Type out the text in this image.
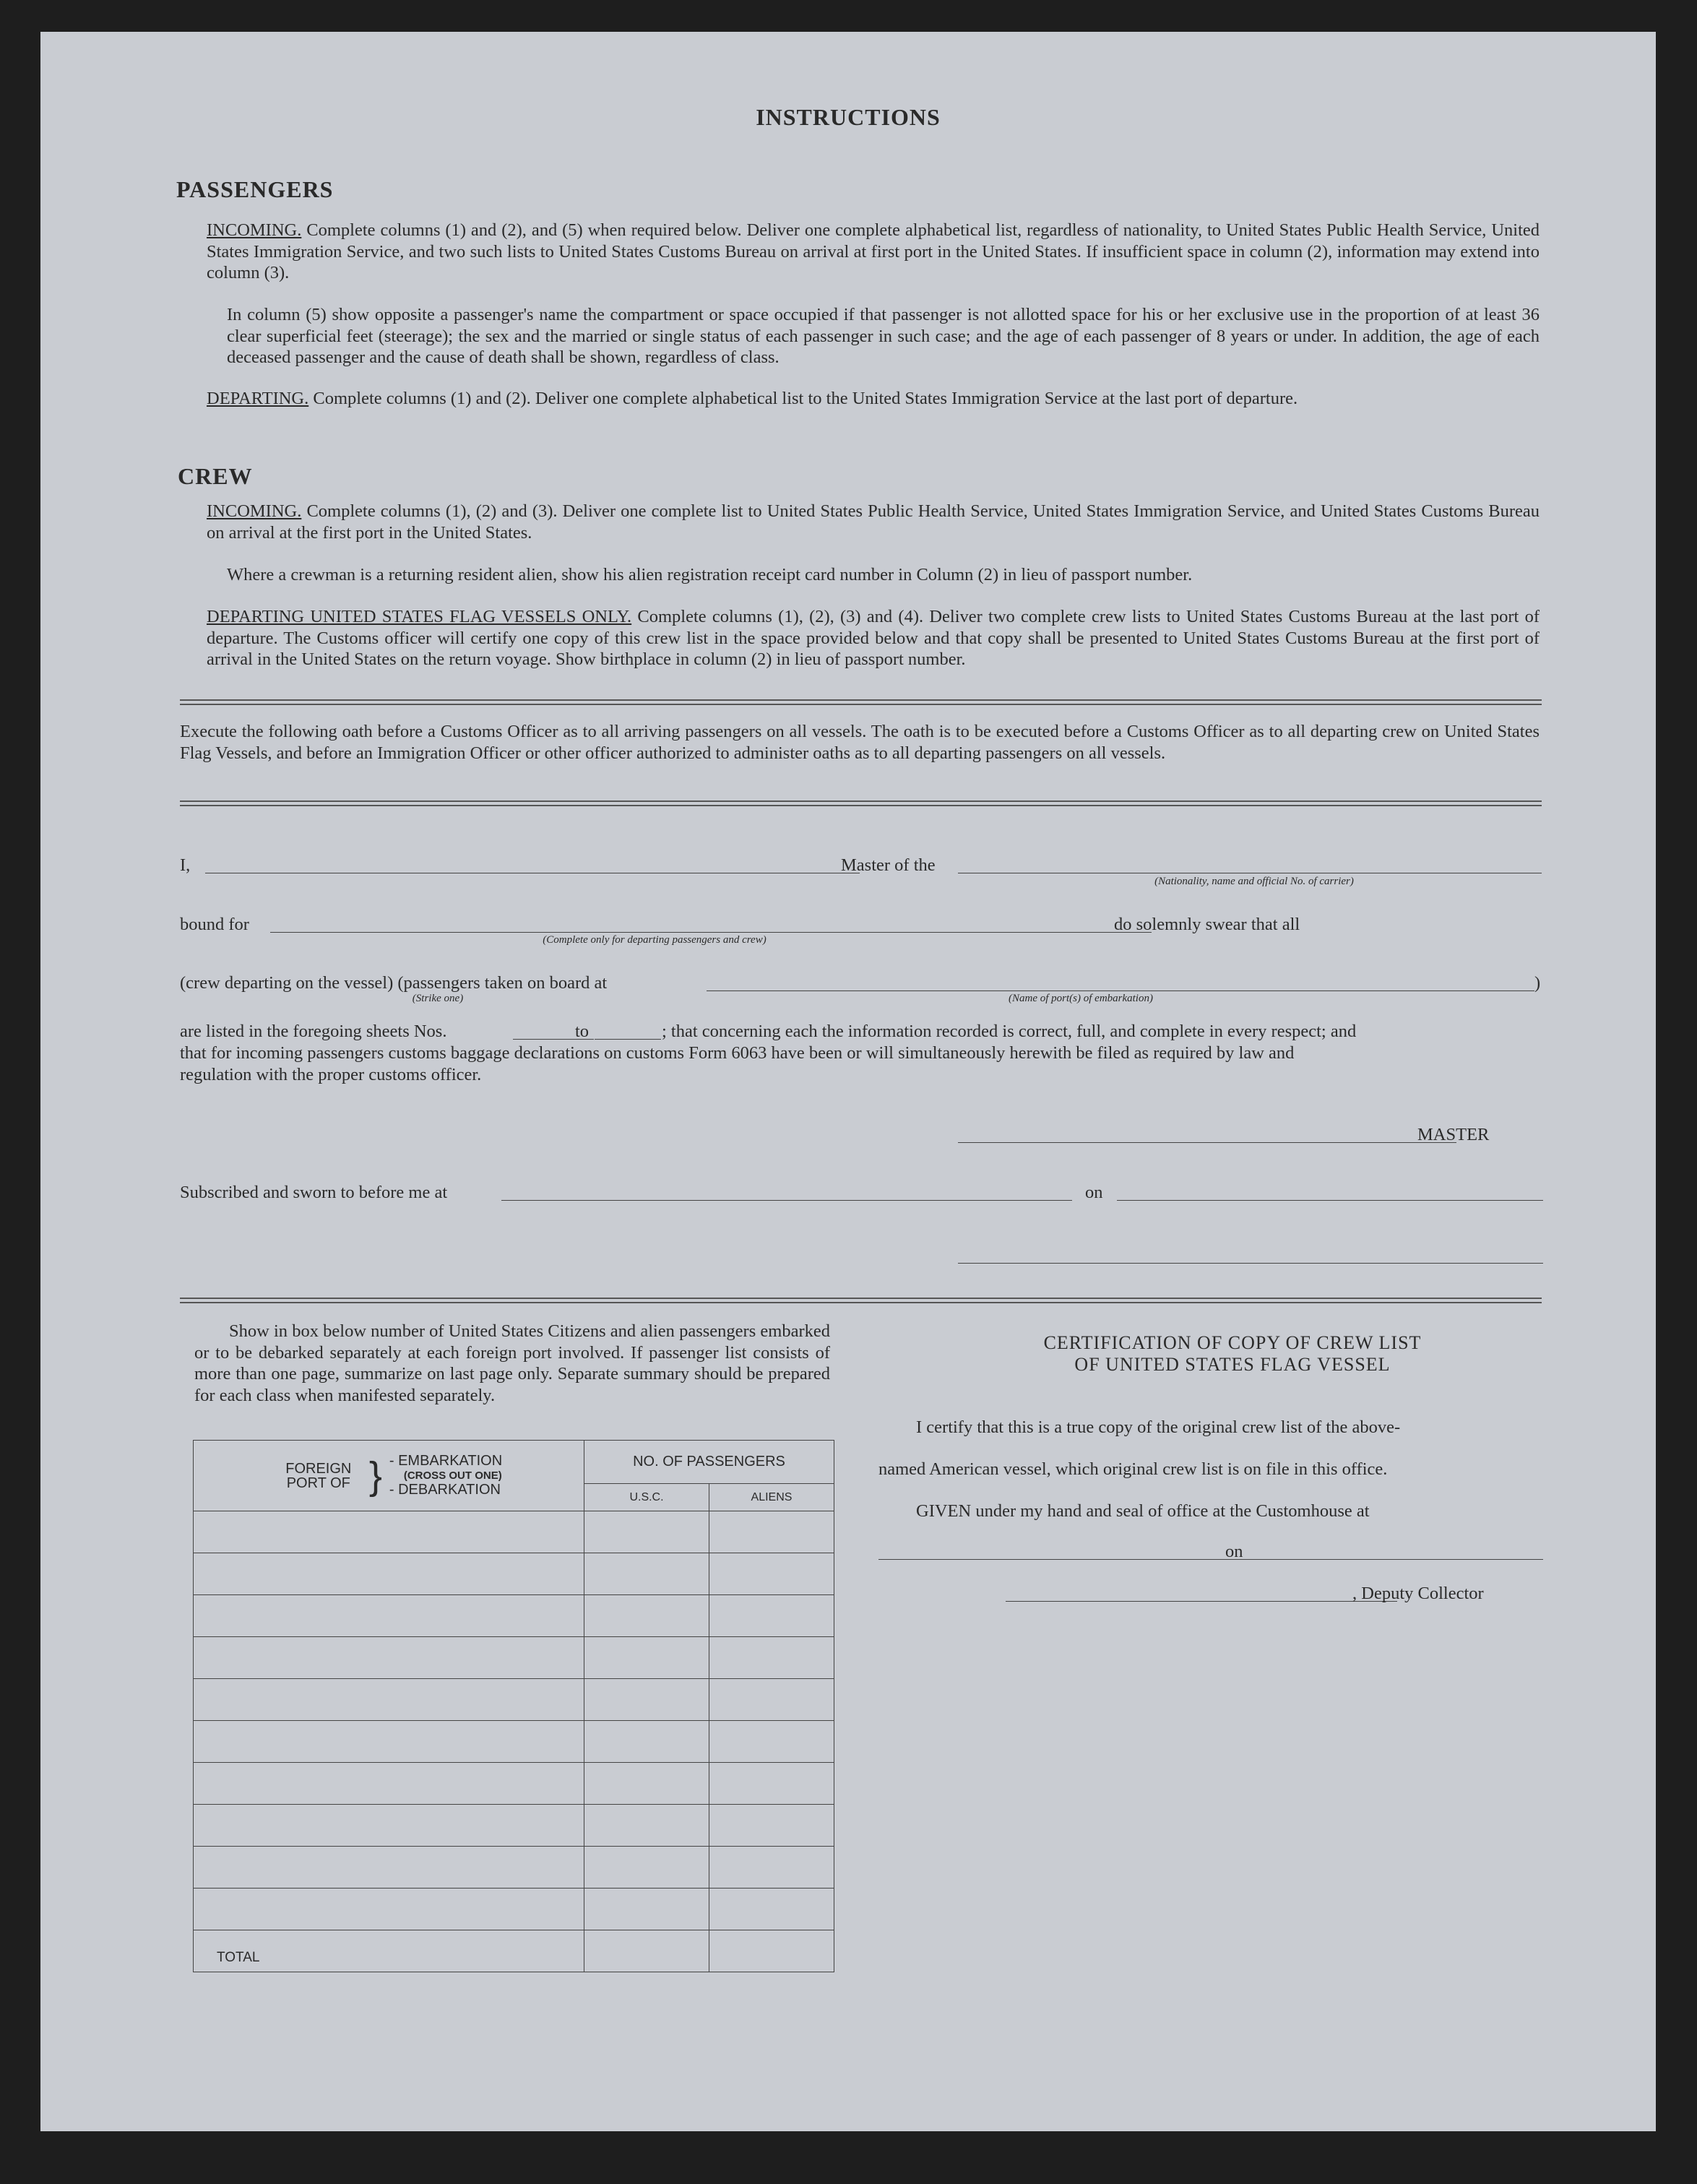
INSTRUCTIONS
PASSENGERS
INCOMING. Complete columns (1) and (2), and (5) when required below. Deliver one complete alphabetical list, regardless of nationality, to United States Public Health Service, United States Immigration Service, and two such lists to United States Customs Bureau on arrival at first port in the United States. If insufficient space in column (2), information may extend into column (3).
In column (5) show opposite a passenger's name the compartment or space occupied if that passenger is not allotted space for his or her exclusive use in the proportion of at least 36 clear superficial feet (steerage); the sex and the married or single status of each passenger in such case; and the age of each passenger of 8 years or under. In addition, the age of each deceased passenger and the cause of death shall be shown, regardless of class.
DEPARTING. Complete columns (1) and (2). Deliver one complete alphabetical list to the United States Immigration Service at the last port of departure.
CREW
INCOMING. Complete columns (1), (2) and (3). Deliver one complete list to United States Public Health Service, United States Immigration Service, and United States Customs Bureau on arrival at the first port in the United States.
Where a crewman is a returning resident alien, show his alien registration receipt card number in Column (2) in lieu of passport number.
DEPARTING UNITED STATES FLAG VESSELS ONLY. Complete columns (1), (2), (3) and (4). Deliver two complete crew lists to United States Customs Bureau at the last port of departure. The Customs officer will certify one copy of this crew list in the space provided below and that copy shall be presented to United States Customs Bureau at the first port of arrival in the United States on the return voyage. Show birthplace in column (2) in lieu of passport number.
Execute the following oath before a Customs Officer as to all arriving passengers on all vessels. The oath is to be executed before a Customs Officer as to all departing crew on United States Flag Vessels, and before an Immigration Officer or other officer authorized to administer oaths as to all departing passengers on all vessels.
I,	Master of the
(Nationality, name and official No. of carrier)
bound for	do solemnly swear that all
(Complete only for departing passengers and crew)
(crew departing on the vessel) (passengers taken on board at	)
(Strike one)	(Name of port(s) of embarkation)
are listed in the foregoing sheets Nos.	to	; that concerning each the information recorded is correct, full, and complete in every respect; and
that for incoming passengers customs baggage declarations on customs Form 6063 have been or will simultaneously herewith be filed as required by law and
regulation with the proper customs officer.
MASTER
Subscribed and sworn to before me at	on
Show in box below number of United States Citizens and alien passengers embarked or to be debarked separately at each foreign port involved. If passenger list consists of more than one page, summarize on last page only. Separate summary should be prepared for each class when manifested separately.
FOREIGN PORT OF } - EMBARKATION
(CROSS OUT ONE)
- DEBARKATION	NO. OF PASSENGERS	
	U.S.C.	ALIENS

TOTAL		
CERTIFICATION OF COPY OF CREW LIST
OF UNITED STATES FLAG VESSEL
I certify that this is a true copy of the original crew list of the above-
named American vessel, which original crew list is on file in this office.
GIVEN under my hand and seal of office at the Customhouse at
on
, Deputy Collector
